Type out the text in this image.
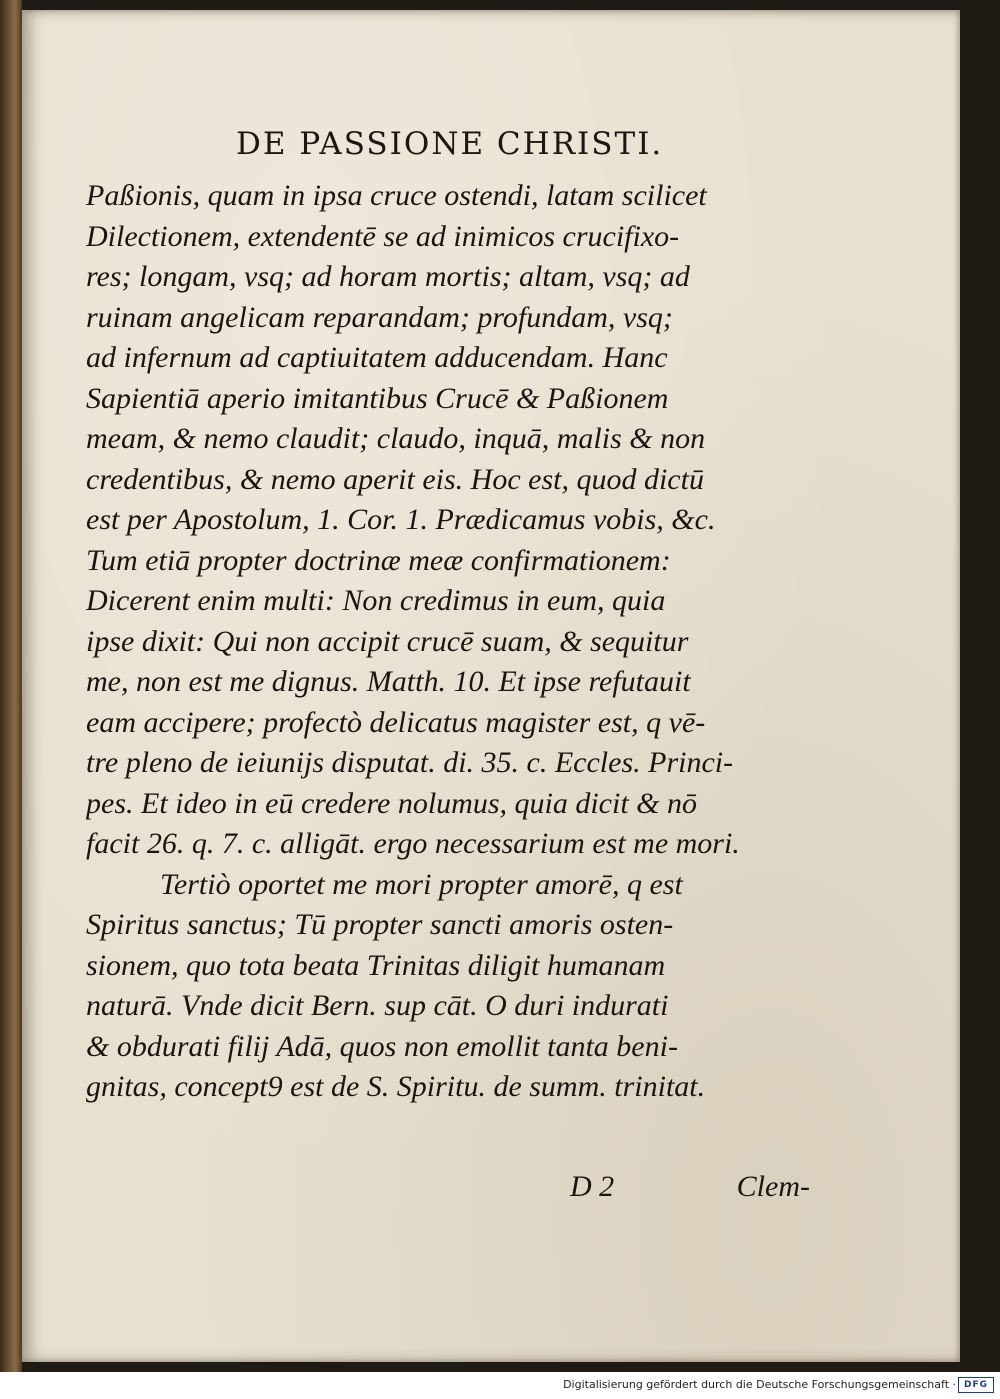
DE PASSIONE CHRISTI.
Paßionis, quam in ipsa cruce ostendi, latam scilicet
Dilectionem, extendentē se ad inimicos crucifixo-
res; longam, vsq; ad horam mortis; altam, vsq; ad
ruinam angelicam reparandam; profundam, vsq;
ad infernum ad captiuitatem adducendam. Hanc
Sapientiā aperio imitantibus Crucē & Paßionem
meam, & nemo claudit; claudo, inquā, malis & non
credentibus, & nemo aperit eis. Hoc est, quod dictū
est per Apostolum, 1. Cor. 1. Prædicamus vobis, &c.
Tum etiā propter doctrinæ meæ confirmationem:
Dicerent enim multi: Non credimus in eum, quia
ipse dixit: Qui non accipit crucē suam, & sequitur
me, non est me dignus. Matth. 10. Et ipse refutauit
eam accipere; profectò delicatus magister est, q vē-
tre pleno de ieiunijs disputat. di. 35. c. Eccles. Princi-
pes. Et ideo in eū credere nolumus, quia dicit & nō
facit 26. q. 7. c. alligāt. ergo necessarium est me mori.
Tertiò oportet me mori propter amorē, q est
Spiritus sanctus; Tū propter sancti amoris osten-
sionem, quo tota beata Trinitas diligit humanam
naturā. Vnde dicit Bern. sup cāt. O duri indurati
& obdurati filij Adā, quos non emollit tanta beni-
gnitas, concept9 est de S. Spiritu. de summ. trinitat.
D 2	Clem-
Digitalisierung gefördert durch die Deutsche Forschungsgemeinschaft · DFG
